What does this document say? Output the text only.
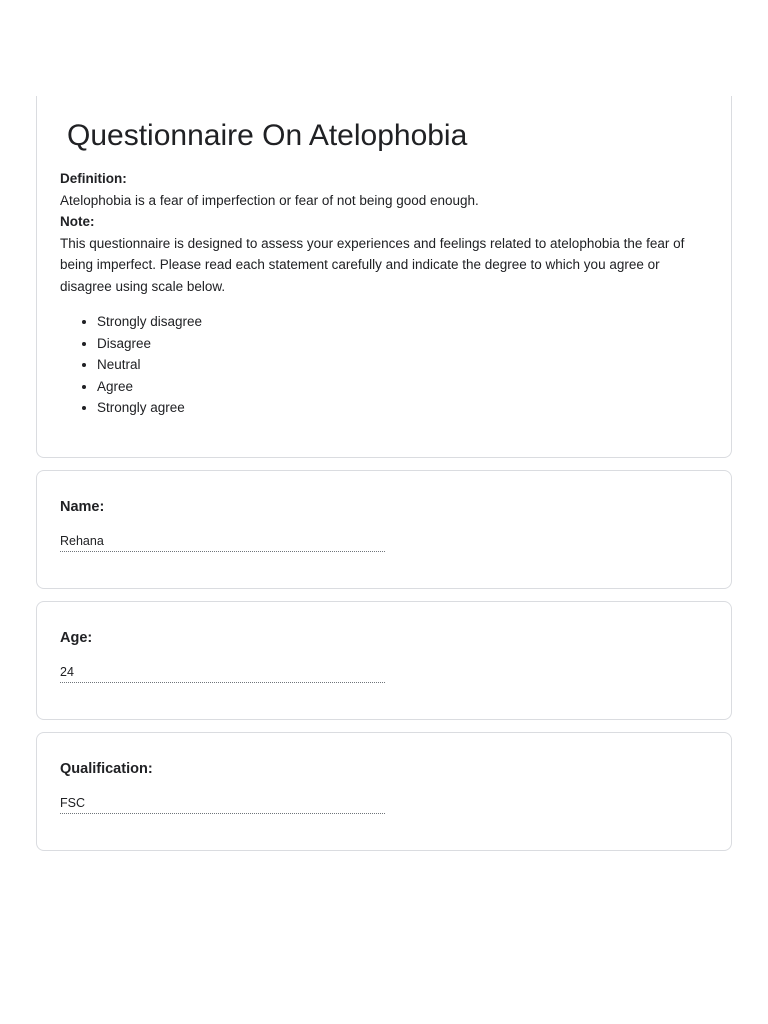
Questionnaire On Atelophobia

Definition:

Atelophobia is a fear of imperfection or fear of not being good enough.

Note:

This questionnaire is designed to assess your experiences and feelings related to atelophobia the fear of being imperfect. Please read each statement carefully and indicate the degree to which you agree or disagree using scale below.

• Strongly disagree
• Disagree
• Neutral
• Agree
• Strongly agree

Name:

Rehana

Age:

24

Qualification:

FSC
